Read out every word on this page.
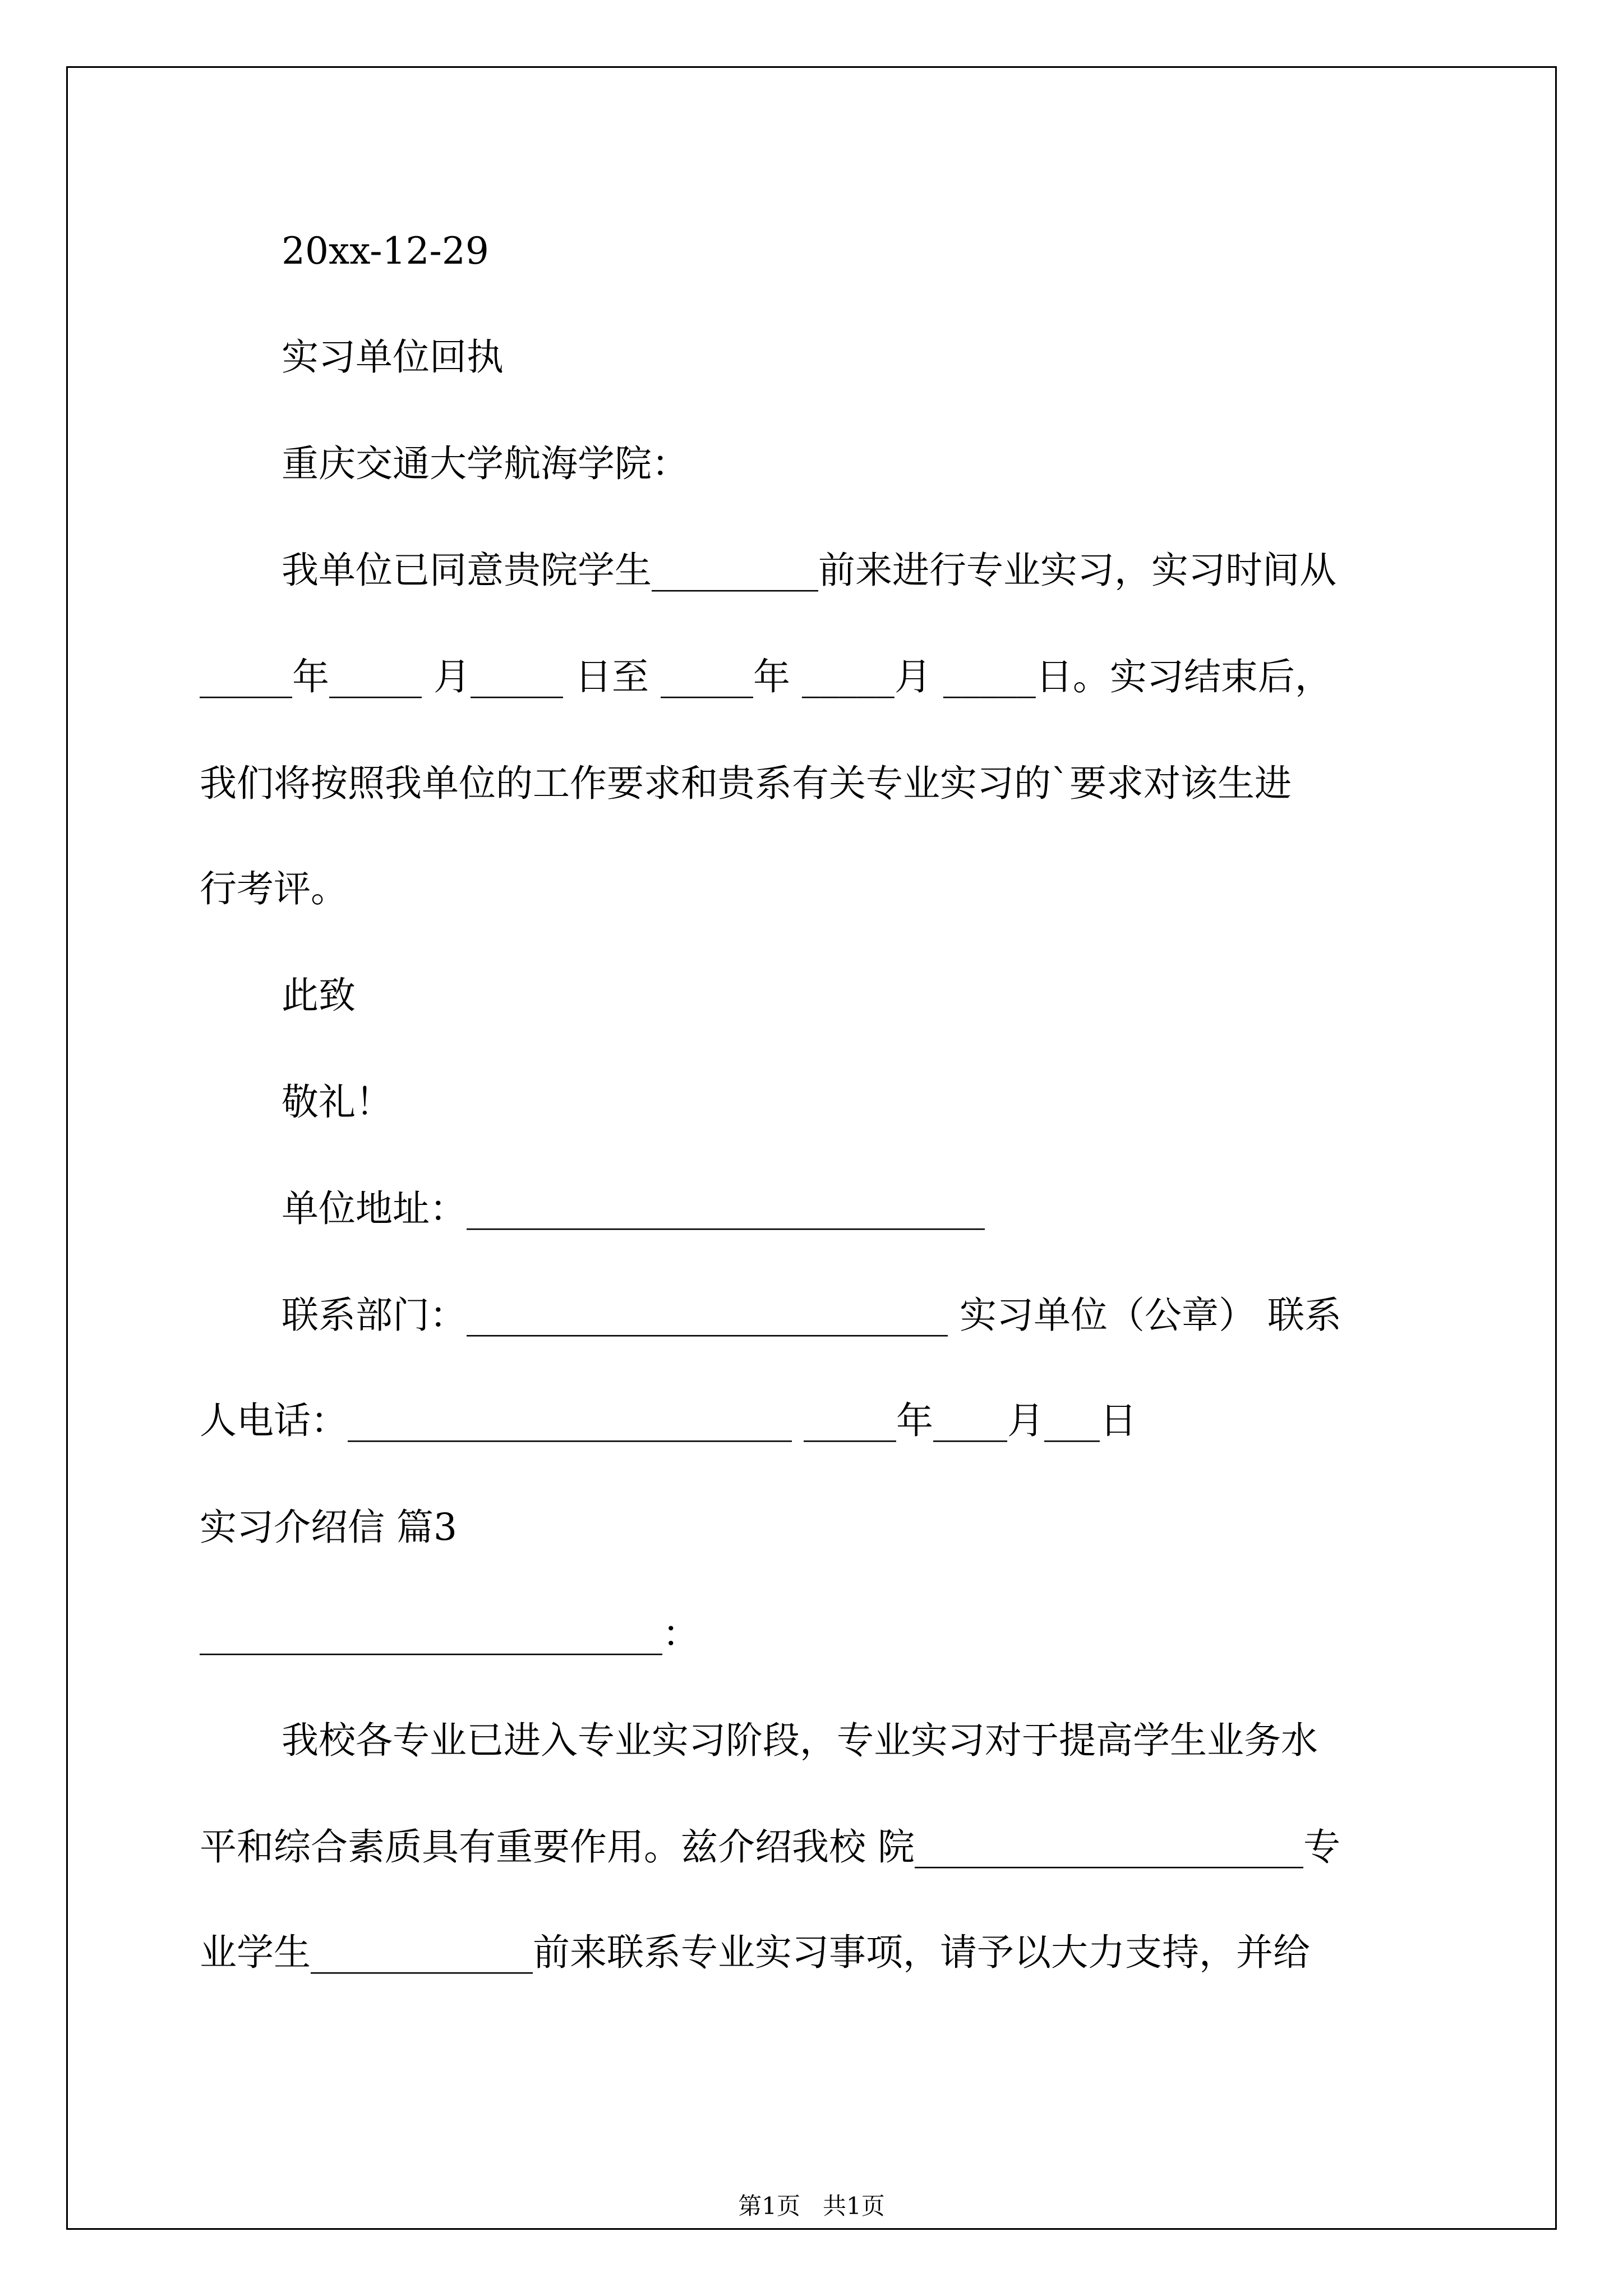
20xx-12-29
实习单位回执
重庆交通大学航海学院：
我单位已同意贵院学生_________前来进行专业实习，实习时间从
_____年_____ 月_____ 日至 _____年 _____月 _____日。实习结束后，
我们将按照我单位的工作要求和贵系有关专业实习的`要求对该生进
行考评。
此致
敬礼！
单位地址：____________________________
联系部门：__________________________ 实习单位（公章） 联系
人电话：________________________ _____年____月___日
实习介绍信 篇3
_________________________：
我校各专业已进入专业实习阶段，专业实习对于提高学生业务水
平和综合素质具有重要作用。兹介绍我校 院_____________________专
业学生____________前来联系专业实习事项，请予以大力支持，并给
第1页   共1页
